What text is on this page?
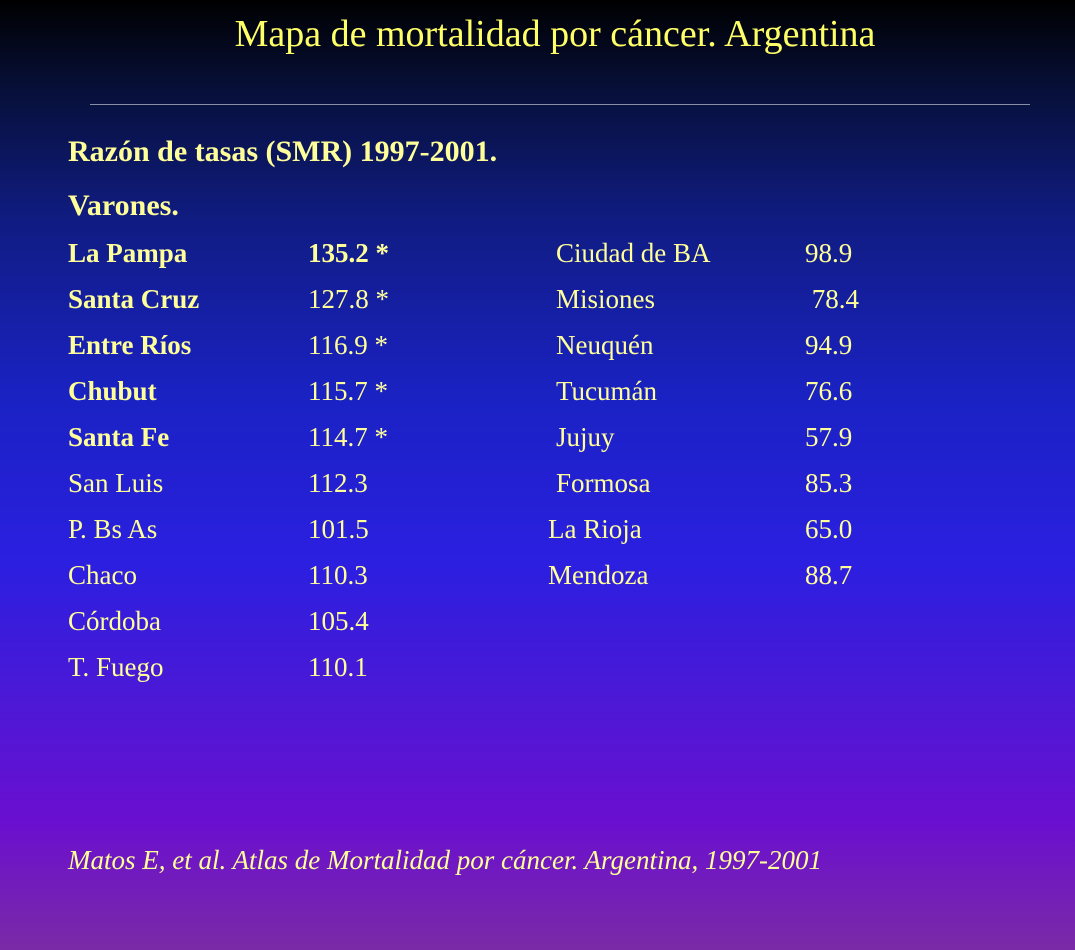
Mapa de mortalidad por cáncer. Argentina
Razón de tasas (SMR) 1997-2001.
Varones.
La Pampa	135.2 *
Santa Cruz	127.8 *
Entre Ríos	116.9 *
Chubut	115.7 *
Santa Fe	114.7 *
San Luis	112.3
P. Bs As	101.5
Chaco	110.3
Córdoba	105.4
T. Fuego	110.1
Ciudad de BA	98.9
Misiones	78.4
Neuquén	94.9
Tucumán	76.6
Jujuy	57.9
Formosa	85.3
La Rioja	65.0
Mendoza	88.7
Matos E, et al. Atlas de Mortalidad por cáncer. Argentina, 1997-2001
